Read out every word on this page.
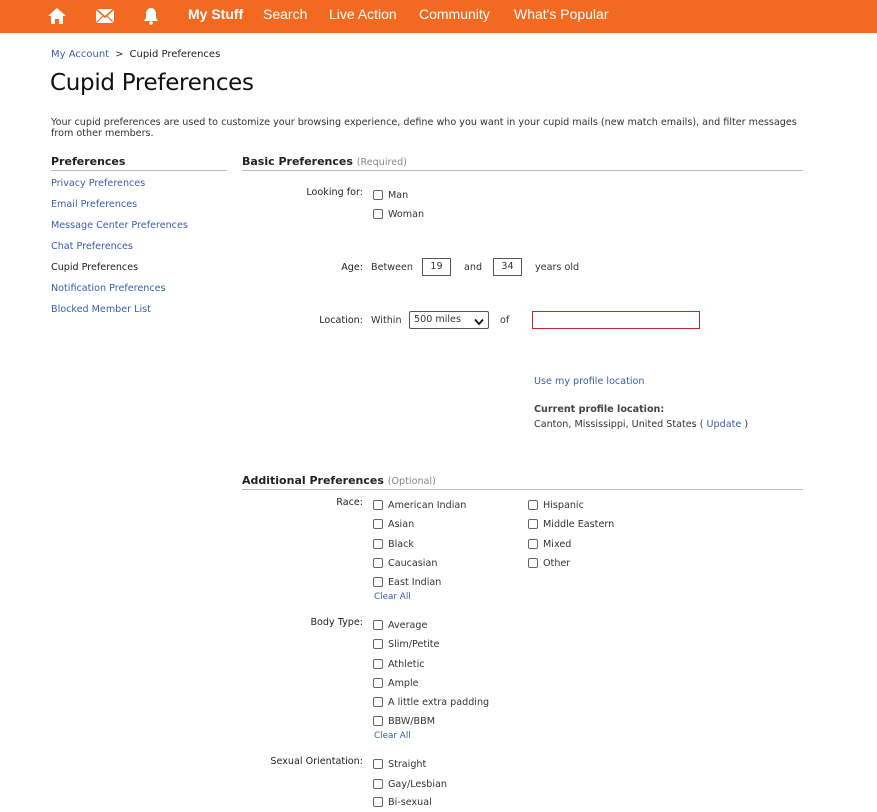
My Stuff Search Live Action Community What's Popular
My Account > Cupid Preferences
Cupid Preferences
Your cupid preferences are used to customize your browsing experience, define who you want in your cupid mails (new match emails), and filter messages from other members.
Preferences
Privacy Preferences
Email Preferences
Message Center Preferences
Chat Preferences
Cupid Preferences
Notification Preferences
Blocked Member List
Basic Preferences (Required)
Looking for:	Man
Woman
Age: Between	19	and	34	years old
Location: Within	500 miles	of
Use my profile location
Current profile location:
Canton, Mississippi, United States ( Update )
Additional Preferences (Optional)
Race:	American Indian
Asian
Black
Caucasian
East Indian
Hispanic
Middle Eastern
Mixed
Other
Clear All
Body Type:	Average
Slim/Petite
Athletic
Ample
A little extra padding
BBW/BBM
Clear All
Sexual Orientation:	Straight
Gay/Lesbian
Bi-sexual
